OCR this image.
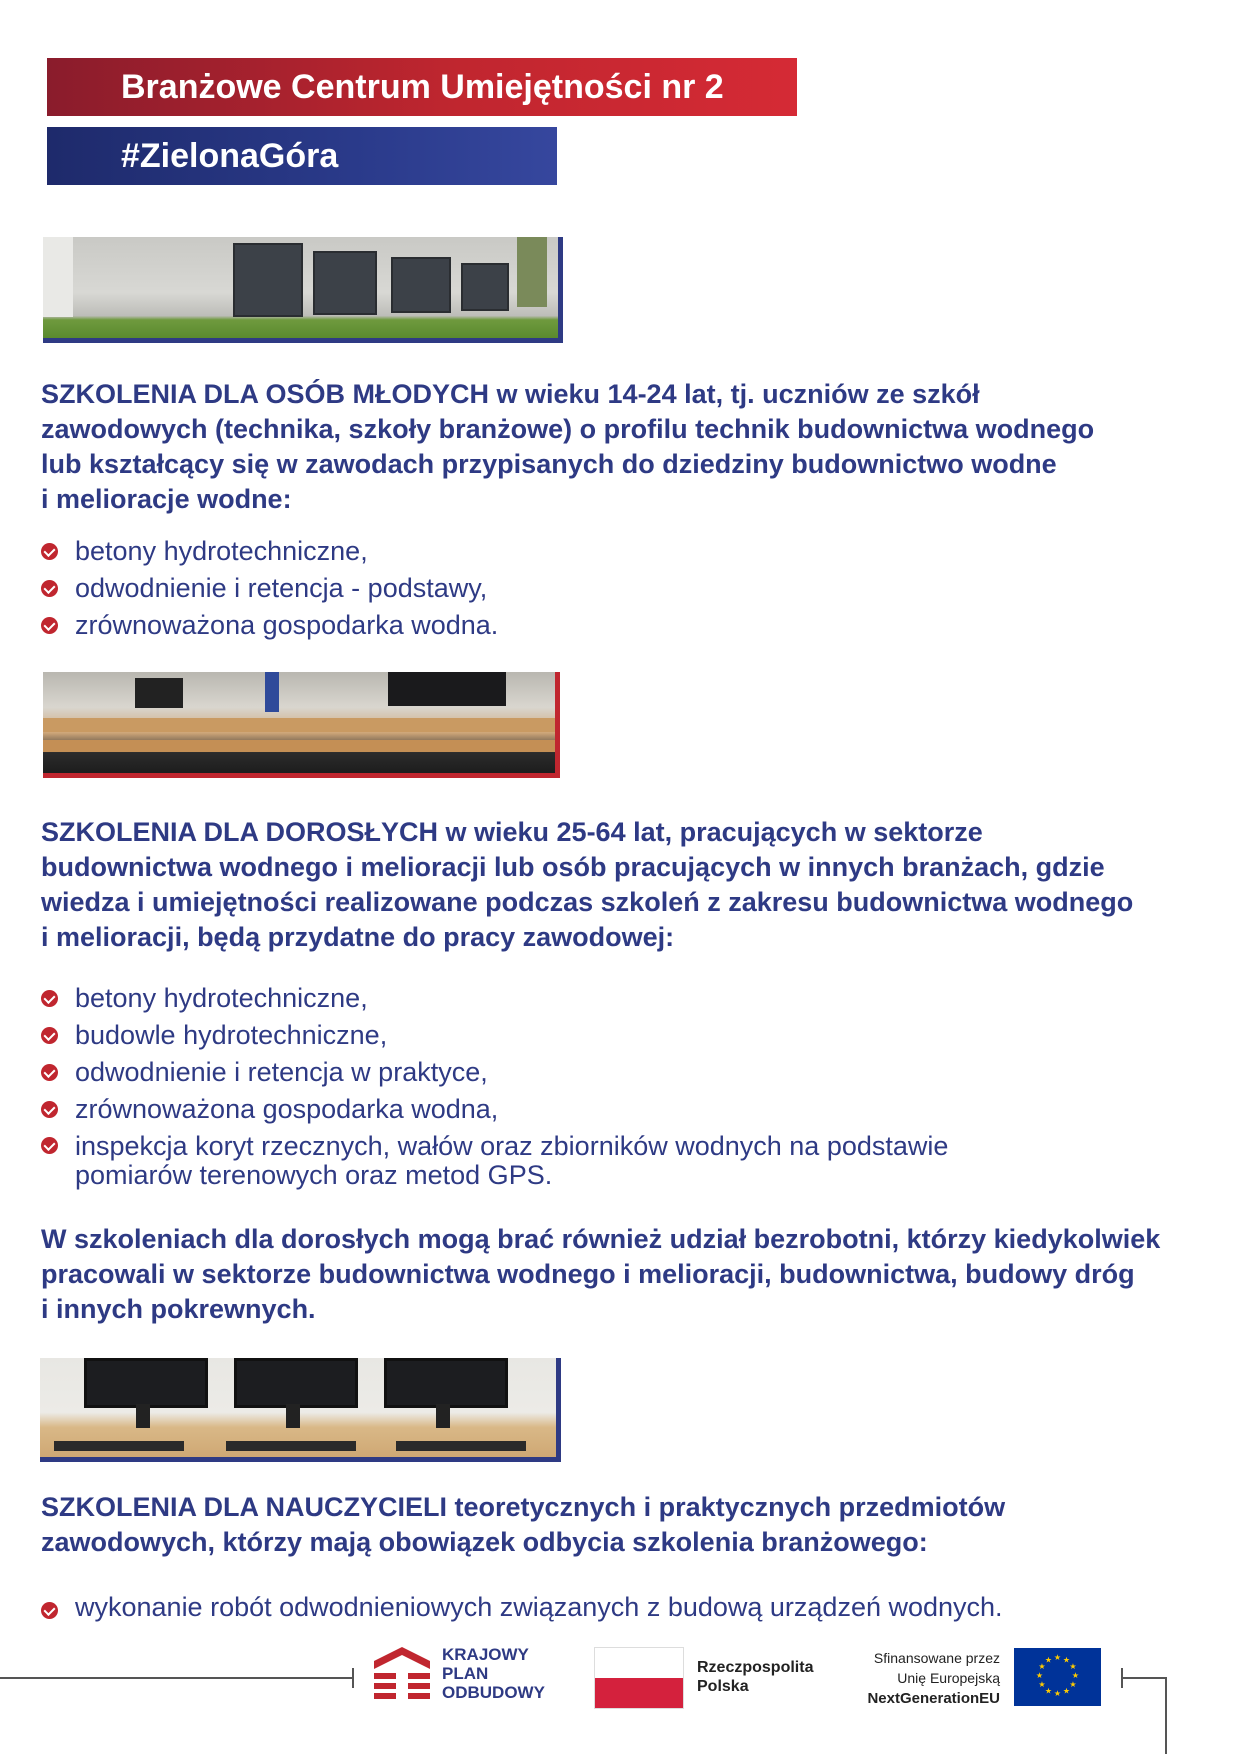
Branżowe Centrum Umiejętności nr 2
#ZielonaGóra

SZKOLENIA DLA OSÓB MŁODYCH w wieku 14-24 lat, tj. uczniów ze szkół
zawodowych (technika, szkoły branżowe) o profilu technik budownictwa wodnego
lub kształcący się w zawodach przypisanych do dziedziny budownictwo wodne
i melioracje wodne:

betony hydrotechniczne,
odwodnienie i retencja - podstawy,
zrównoważona gospodarka wodna.

SZKOLENIA DLA DOROSŁYCH w wieku 25-64 lat, pracujących w sektorze
budownictwa wodnego i melioracji lub osób pracujących w innych branżach, gdzie
wiedza i umiejętności realizowane podczas szkoleń z zakresu budownictwa wodnego
i melioracji, będą przydatne do pracy zawodowej:

betony hydrotechniczne,
budowle hydrotechniczne,
odwodnienie i retencja w praktyce,
zrównoważona gospodarka wodna,
inspekcja koryt rzecznych, wałów oraz zbiorników wodnych na podstawie
pomiarów terenowych oraz metod GPS.

W szkoleniach dla dorosłych mogą brać również udział bezrobotni, którzy kiedykolwiek
pracowali w sektorze budownictwa wodnego i melioracji, budownictwa, budowy dróg
i innych pokrewnych.

SZKOLENIA DLA NAUCZYCIELI teoretycznych i praktycznych przedmiotów
zawodowych, którzy mają obowiązek odbycia szkolenia branżowego:

wykonanie robót odwodnieniowych związanych z budową urządzeń wodnych.
KRAJOWY
PLAN
ODBUDOWY
Rzeczpospolita
Polska
Sfinansowane przez
Unię Europejską
NextGenerationEU
★ ★
★
★
★
★
★
★
★
★
★
★
